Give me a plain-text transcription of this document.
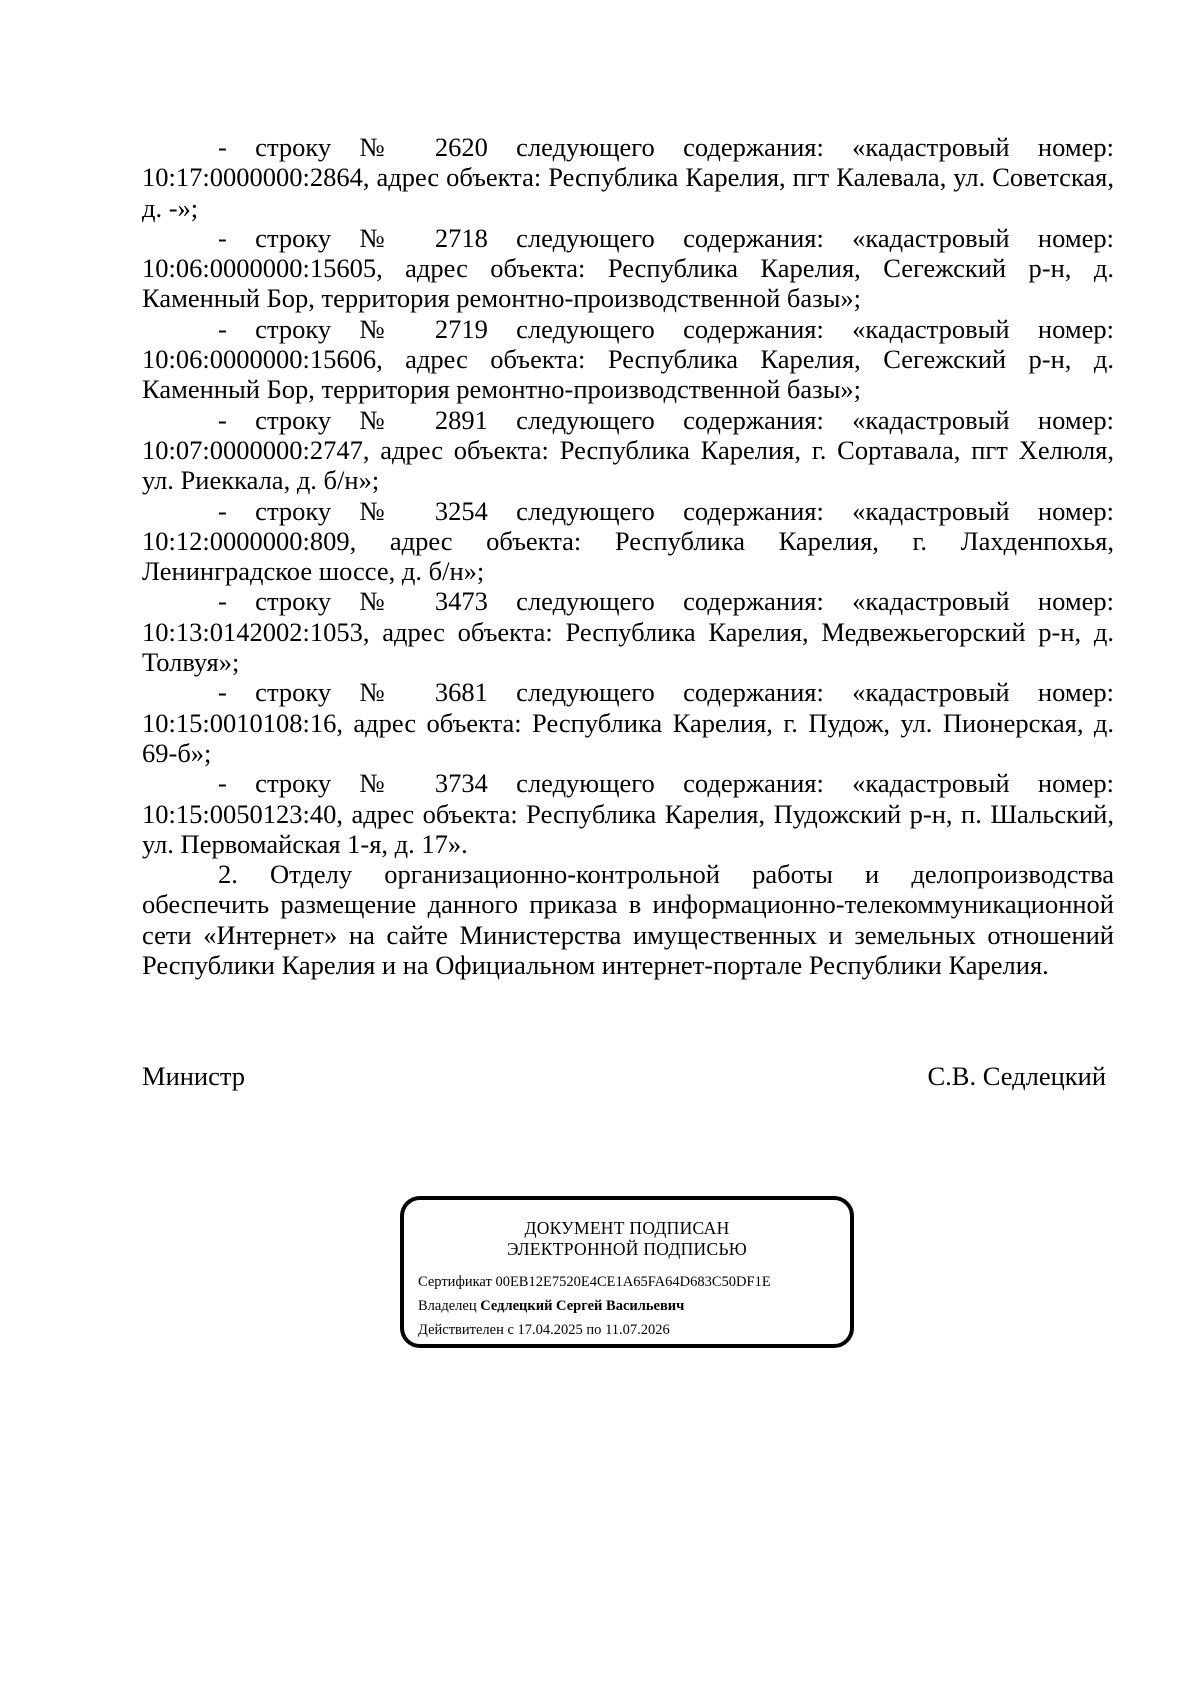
- строку № 2620 следующего содержания: «кадастровый номер: 10:17:0000000:2864, адрес объекта: Республика Карелия, пгт Калевала, ул. Советская, д. -»;

- строку № 2718 следующего содержания: «кадастровый номер: 10:06:0000000:15605, адрес объекта: Республика Карелия, Сегежский р-н, д. Каменный Бор, территория ремонтно-производственной базы»;

- строку № 2719 следующего содержания: «кадастровый номер: 10:06:0000000:15606, адрес объекта: Республика Карелия, Сегежский р-н, д. Каменный Бор, территория ремонтно-производственной базы»;

- строку № 2891 следующего содержания: «кадастровый номер: 10:07:0000000:2747, адрес объекта: Республика Карелия, г. Сортавала, пгт Хелюля, ул. Риеккала, д. б/н»;

- строку № 3254 следующего содержания: «кадастровый номер: 10:12:0000000:809, адрес объекта: Республика Карелия, г. Лахденпохья, Ленинградское шоссе, д. б/н»;

- строку № 3473 следующего содержания: «кадастровый номер: 10:13:0142002:1053, адрес объекта: Республика Карелия, Медвежьегорский р-н, д. Толвуя»;

- строку № 3681 следующего содержания: «кадастровый номер: 10:15:0010108:16, адрес объекта: Республика Карелия, г. Пудож, ул. Пионерская, д. 69-б»;

- строку № 3734 следующего содержания: «кадастровый номер: 10:15:0050123:40, адрес объекта: Республика Карелия, Пудожский р-н, п. Шальский, ул. Первомайская 1-я, д. 17».

2. Отделу организационно-контрольной работы и делопроизводства обеспечить размещение данного приказа в информационно-телекоммуникационной сети «Интернет» на сайте Министерства имущественных и земельных отношений Республики Карелия и на Официальном интернет-портале Республики Карелия.

Министр	С.В. Седлецкий
ДОКУМЕНТ ПОДПИСАН
ЭЛЕКТРОННОЙ ПОДПИСЬЮ
Сертификат 00EB12E7520E4CE1A65FA64D683C50DF1E
Владелец Седлецкий Сергей Васильевич
Действителен с 17.04.2025 по 11.07.2026
